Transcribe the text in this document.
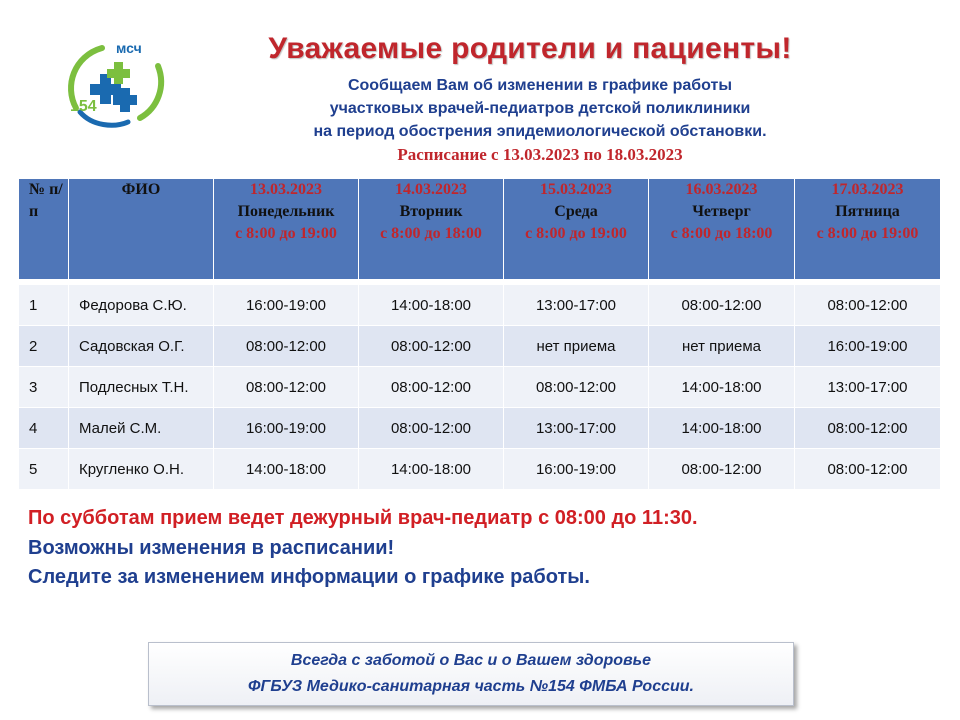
мсч
154
Уважаемые родители и пациенты!
Сообщаем Вам об изменении в графике работы
участковых врачей-педиатров детской поликлиники
на период обострения эпидемиологической обстановки.
Расписание с 13.03.2023 по 18.03.2023
№ п/п	ФИО	13.03.2023
Понедельник
с 8:00 до 19:00	14.03.2023
Вторник
с 8:00 до 18:00	15.03.2023
Среда
с 8:00 до 19:00	16.03.2023
Четверг
с 8:00 до 18:00	17.03.2023
Пятница
с 8:00 до 19:00

1	Федорова С.Ю.	16:00-19:00	14:00-18:00	13:00-17:00	08:00-12:00	08:00-12:00
2	Садовская О.Г.	08:00-12:00	08:00-12:00	нет приема	нет приема	16:00-19:00
3	Подлесных Т.Н.	08:00-12:00	08:00-12:00	08:00-12:00	14:00-18:00	13:00-17:00
4	Малей С.М.	16:00-19:00	08:00-12:00	13:00-17:00	14:00-18:00	08:00-12:00
5	Кругленко О.Н.	14:00-18:00	14:00-18:00	16:00-19:00	08:00-12:00	08:00-12:00
По субботам прием ведет дежурный врач-педиатр с 08:00 до 11:30.
Возможны изменения в расписании!
Следите за изменением информации о графике работы.
Всегда с заботой о Вас и о Вашем здоровье
ФГБУЗ Медико-санитарная часть №154 ФМБА России.
